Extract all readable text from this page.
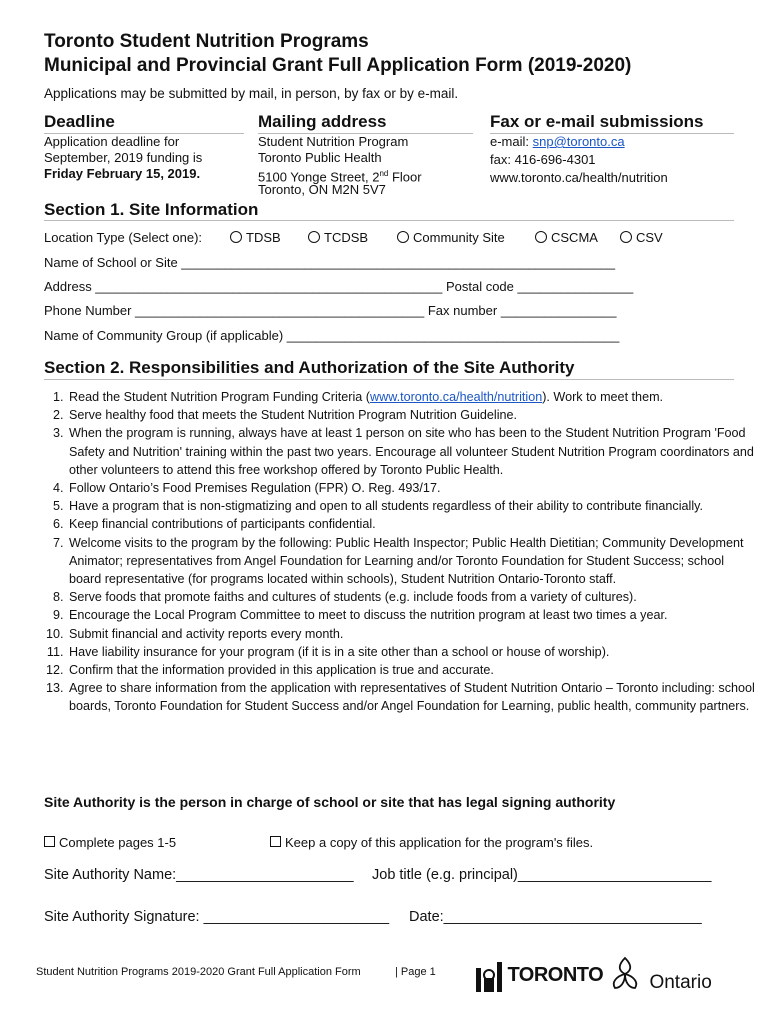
Toronto Student Nutrition Programs
Municipal and Provincial Grant Full Application Form (2019-2020)
Applications may be submitted by mail, in person, by fax or by e-mail.
Deadline	Mailing address	Fax or e-mail submissions
Application deadline for
September, 2019 funding is
Friday February 15, 2019.
Student Nutrition Program
Toronto Public Health
5100 Yonge Street, 2nd Floor
Toronto, ON M2N 5V7
e-mail: snp@toronto.ca
fax: 416-696-4301
www.toronto.ca/health/nutrition
Section 1. Site Information
Location Type (Select one):	TDSB	TCDSB	Community Site	CSCMA	CSV
Name of School or Site ____________________________________________________________
Address ________________________________________________ Postal code ________________
Phone Number ________________________________________ Fax number ________________
Name of Community Group (if applicable) ______________________________________________
Section 2. Responsibilities and Authorization of the Site Authority
1. Read the Student Nutrition Program Funding Criteria (www.toronto.ca/health/nutrition). Work to meet them.
2. Serve healthy food that meets the Student Nutrition Program Nutrition Guideline.
3. When the program is running, always have at least 1 person on site who has been to the Student Nutrition Program 'Food Safety and Nutrition' training within the past two years. Encourage all volunteer Student Nutrition Program coordinators and other volunteers to attend this free workshop offered by Toronto Public Health.
4. Follow Ontario’s Food Premises Regulation (FPR) O. Reg. 493/17.
5. Have a program that is non-stigmatizing and open to all students regardless of their ability to contribute financially.
6. Keep financial contributions of participants confidential.
7. Welcome visits to the program by the following: Public Health Inspector; Public Health Dietitian; Community Development Animator; representatives from Angel Foundation for Learning and/or Toronto Foundation for Student Success; school board representative (for programs located within schools), Student Nutrition Ontario-Toronto staff.
8. Serve foods that promote faiths and cultures of students (e.g. include foods from a variety of cultures).
9. Encourage the Local Program Committee to meet to discuss the nutrition program at least two times a year.
10. Submit financial and activity reports every month.
11. Have liability insurance for your program (if it is in a site other than a school or house of worship).
12. Confirm that the information provided in this application is true and accurate.
13. Agree to share information from the application with representatives of Student Nutrition Ontario – Toronto including: school boards, Toronto Foundation for Student Success and/or Angel Foundation for Learning, public health, community partners.
Site Authority is the person in charge of school or site that has legal signing authority
Complete pages 1-5	Keep a copy of this application for the program's files.
Site Authority Name:______________________ Job title (e.g. principal)________________________
Site Authority Signature: _______________________ Date:________________________________
Student Nutrition Programs 2019-2020 Grant Full Application Form	| Page 1	TORONTO	Ontario
